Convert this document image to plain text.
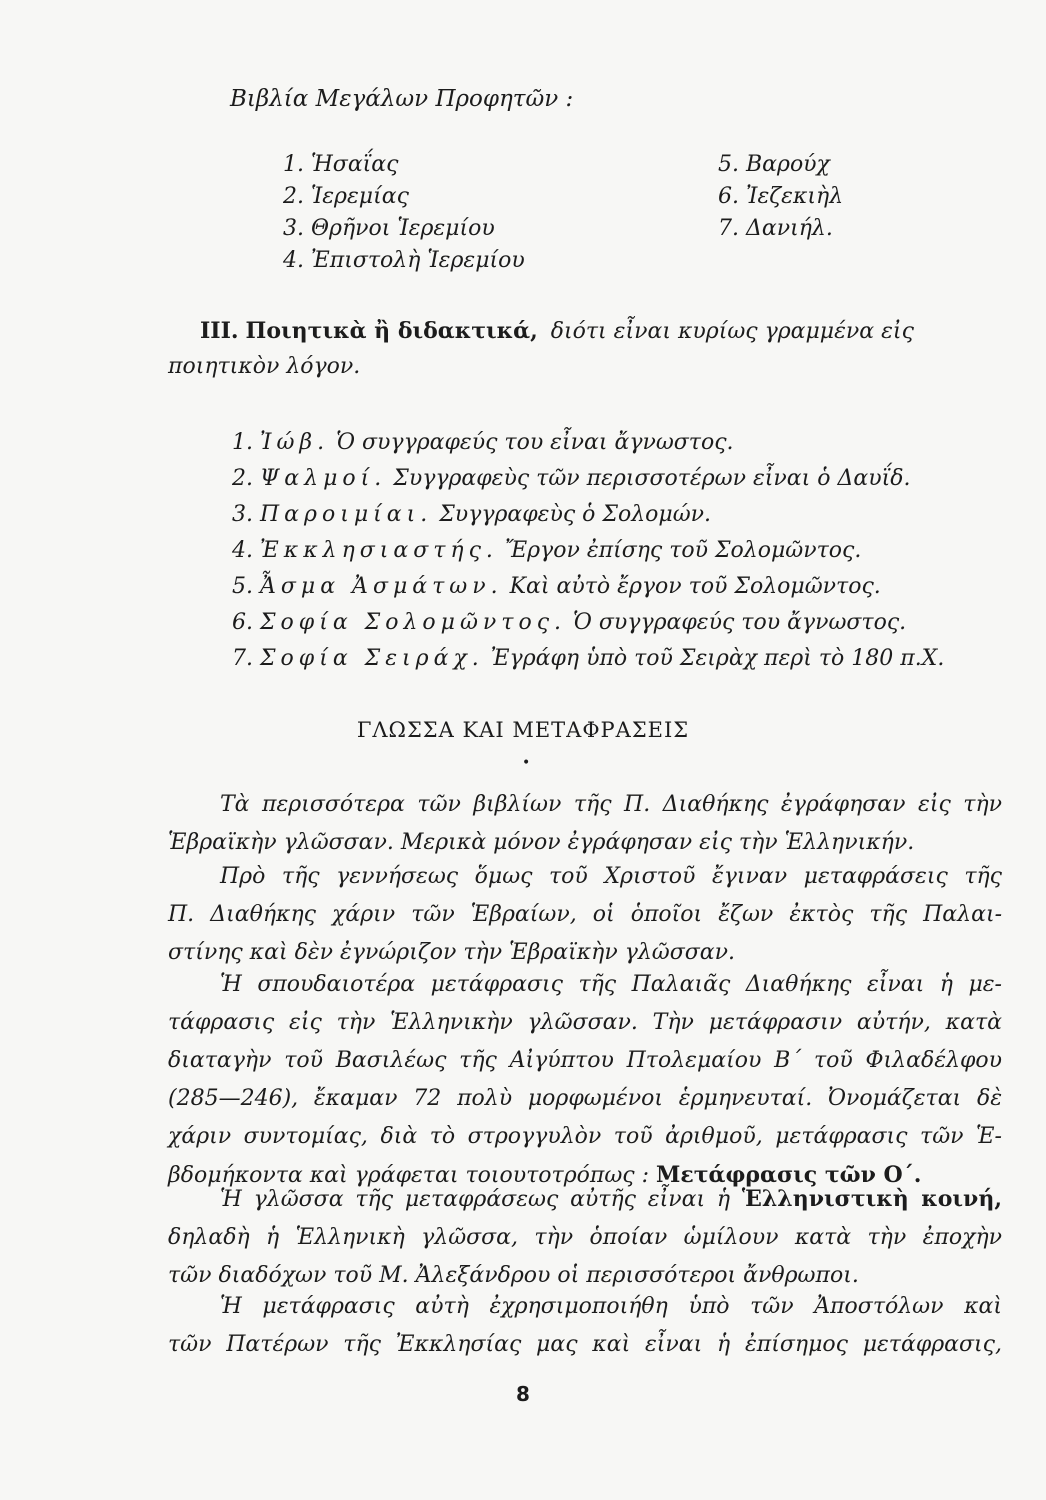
Βιβλία Μεγάλων Προφητῶν :
1. Ἡσαΐας
2. Ἱερεμίας
3. Θρῆνοι Ἱερεμίου
4. Ἐπιστολὴ Ἱερεμίου
5. Βαρούχ
6. Ἰεζεκιὴλ
7. Δανιήλ.
III. Ποιητικὰ ἢ διδακτικά, διότι εἶναι κυρίως γραμμένα εἰς
ποιητικὸν λόγον.
1. Ἰώβ. Ὁ συγγραφεύς του εἶναι ἄγνωστος.
2. Ψαλμοί. Συγγραφεὺς τῶν περισσοτέρων εἶναι ὁ Δαυΐδ.
3. Παροιμίαι. Συγγραφεὺς ὁ Σολομών.
4. Ἐκκλησιαστής. Ἔργον ἐπίσης τοῦ Σολομῶντος.
5. Ἆσμα Ἀσμάτων. Καὶ αὐτὸ ἔργον τοῦ Σολομῶντος.
6. Σοφία Σολομῶντος. Ὁ συγγραφεύς του ἄγνωστος.
7. Σοφία Σειράχ. Ἐγράφη ὑπὸ τοῦ Σειρὰχ περὶ τὸ 180 π.Χ.
ΓΛΩΣΣΑ ΚΑΙ ΜΕΤΑΦΡΑΣΕΙΣ
•
Τὰ περισσότερα τῶν βιβλίων τῆς Π. Διαθήκης ἐγράφησαν εἰς τὴν
Ἑβραϊκὴν γλῶσσαν. Μερικὰ μόνον ἐγράφησαν εἰς τὴν Ἑλληνικήν.
Πρὸ τῆς γεννήσεως ὅμως τοῦ Χριστοῦ ἔγιναν μεταφράσεις τῆς
Π. Διαθήκης χάριν τῶν Ἑβραίων, οἱ ὁποῖοι ἔζων ἐκτὸς τῆς Παλαι-
στίνης καὶ δὲν ἐγνώριζον τὴν Ἑβραϊκὴν γλῶσσαν.
Ἡ σπουδαιοτέρα μετάφρασις τῆς Παλαιᾶς Διαθήκης εἶναι ἡ με-
τάφρασις εἰς τὴν Ἑλληνικὴν γλῶσσαν. Τὴν μετάφρασιν αὐτήν, κατὰ
διαταγὴν τοῦ Βασιλέως τῆς Αἰγύπτου Πτολεμαίου Β΄ τοῦ Φιλαδέλφου
(285—246), ἔκαμαν 72 πολὺ μορφωμένοι ἑρμηνευταί. Ὀνομάζεται δὲ
χάριν συντομίας, διὰ τὸ στρογγυλὸν τοῦ ἀριθμοῦ, μετάφρασις τῶν Ἑ-
βδομήκοντα καὶ γράφεται τοιουτοτρόπως : Μετάφρασις τῶν Ο΄.
Ἡ γλῶσσα τῆς μεταφράσεως αὐτῆς εἶναι ἡ Ἑλληνιστικὴ κοινή,
δηλαδὴ ἡ Ἑλληνικὴ γλῶσσα, τὴν ὁποίαν ὡμίλουν κατὰ τὴν ἐποχὴν
τῶν διαδόχων τοῦ Μ. Ἀλεξάνδρου οἱ περισσότεροι ἄνθρωποι.
Ἡ μετάφρασις αὐτὴ ἐχρησιμοποιήθη ὑπὸ τῶν Ἀποστόλων καὶ
τῶν Πατέρων τῆς Ἐκκλησίας μας καὶ εἶναι ἡ ἐπίσημος μετάφρασις,
8
